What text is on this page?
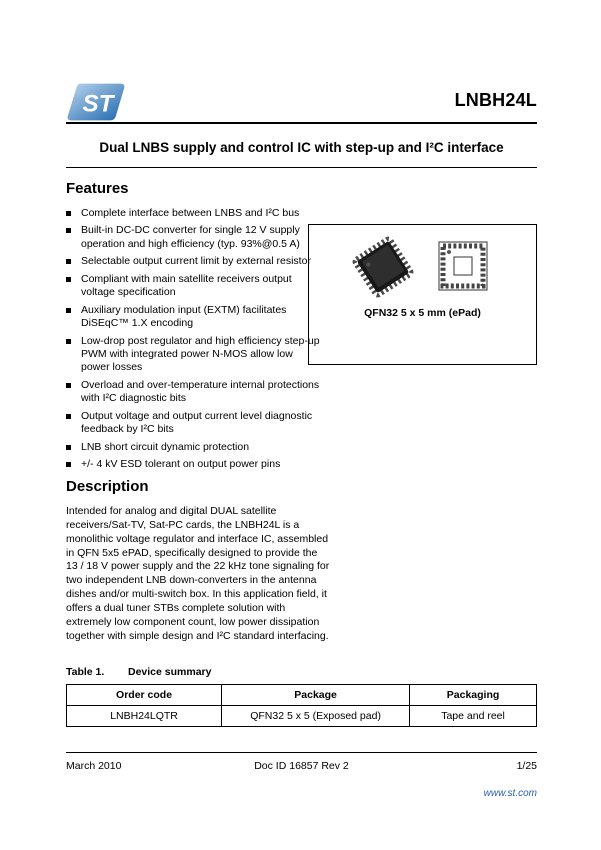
ST	LNBH24L
Dual LNBS supply and control IC with step-up and I²C interface
Features
Complete interface between LNBS and I²C bus
Built-in DC-DC converter for single 12 V supply operation and high efficiency (typ. 93%@0.5 A)
Selectable output current limit by external resistor
Compliant with main satellite receivers output voltage specification
Auxiliary modulation input (EXTM) facilitates DiSEqC™ 1.X encoding
Low-drop post regulator and high efficiency step-up PWM with integrated power N-MOS allow low power losses
Overload and over-temperature internal protections with I²C diagnostic bits
Output voltage and output current level diagnostic feedback by I²C bits
LNB short circuit dynamic protection
+/- 4 kV ESD tolerant on output power pins
QFN32 5 x 5 mm (ePad)
Description

Intended for analog and digital DUAL satellite receivers/Sat-TV, Sat-PC cards, the LNBH24L is a monolithic voltage regulator and interface IC, assembled in QFN 5x5 ePAD, specifically designed to provide the 13 / 18 V power supply and the 22 kHz tone signaling for two independent LNB down-converters in the antenna dishes and/or multi-switch box. In this application field, it offers a dual tuner STBs complete solution with extremely low component count, low power dissipation together with simple design and I²C standard interfacing.

Table 1. Device summary
Order code	Package	Packaging
LNBH24LQTR	QFN32 5 x 5 (Exposed pad)	Tape and reel
March 2010	Doc ID 16857 Rev 2	1/25
www.st.com
